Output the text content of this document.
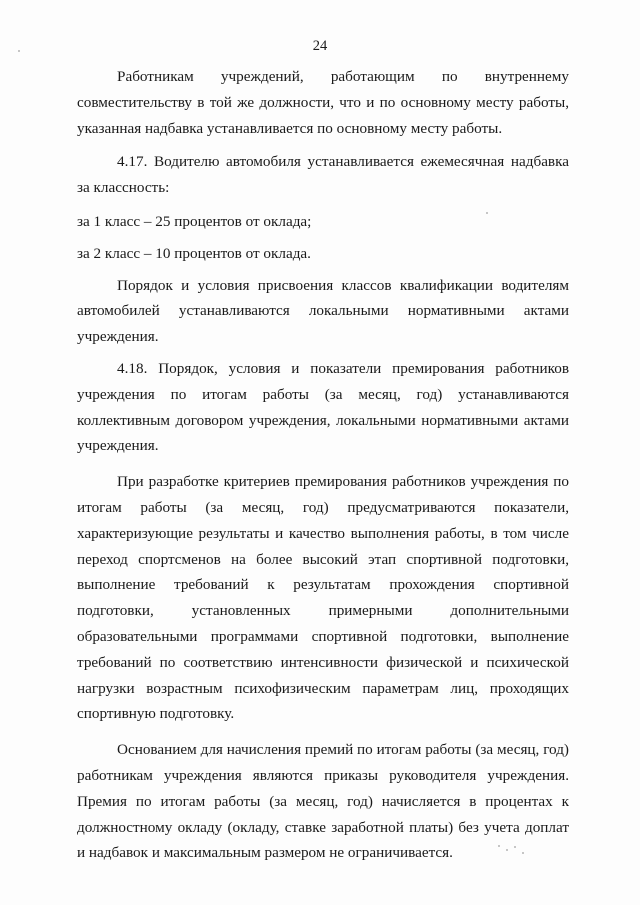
24

Работникам учреждений, работающим по внутреннему совместительству в той же должности, что и по основному месту работы, указанная надбавка устанавливается по основному месту работы.

4.17. Водителю автомобиля устанавливается ежемесячная надбавка за классность:

за 1 класс – 25 процентов от оклада;

за 2 класс – 10 процентов от оклада.

Порядок и условия присвоения классов квалификации водителям автомобилей устанавливаются локальными нормативными актами учреждения.

4.18. Порядок, условия и показатели премирования работников учреждения по итогам работы (за месяц, год) устанавливаются коллективным договором учреждения, локальными нормативными актами учреждения.

При разработке критериев премирования работников учреждения по итогам работы (за месяц, год) предусматриваются показатели, характеризующие результаты и качество выполнения работы, в том числе переход спортсменов на более высокий этап спортивной подготовки, выполнение требований к результатам прохождения спортивной подготовки, установленных примерными дополнительными образовательными программами спортивной подготовки, выполнение требований по соответствию интенсивности физической и психической нагрузки возрастным психофизическим параметрам лиц, проходящих спортивную подготовку.

Основанием для начисления премий по итогам работы (за месяц, год) работникам учреждения являются приказы руководителя учреждения. Премия по итогам работы (за месяц, год) начисляется в процентах к должностному окладу (окладу, ставке заработной платы) без учета доплат и надбавок и максимальным размером не ограничивается.
